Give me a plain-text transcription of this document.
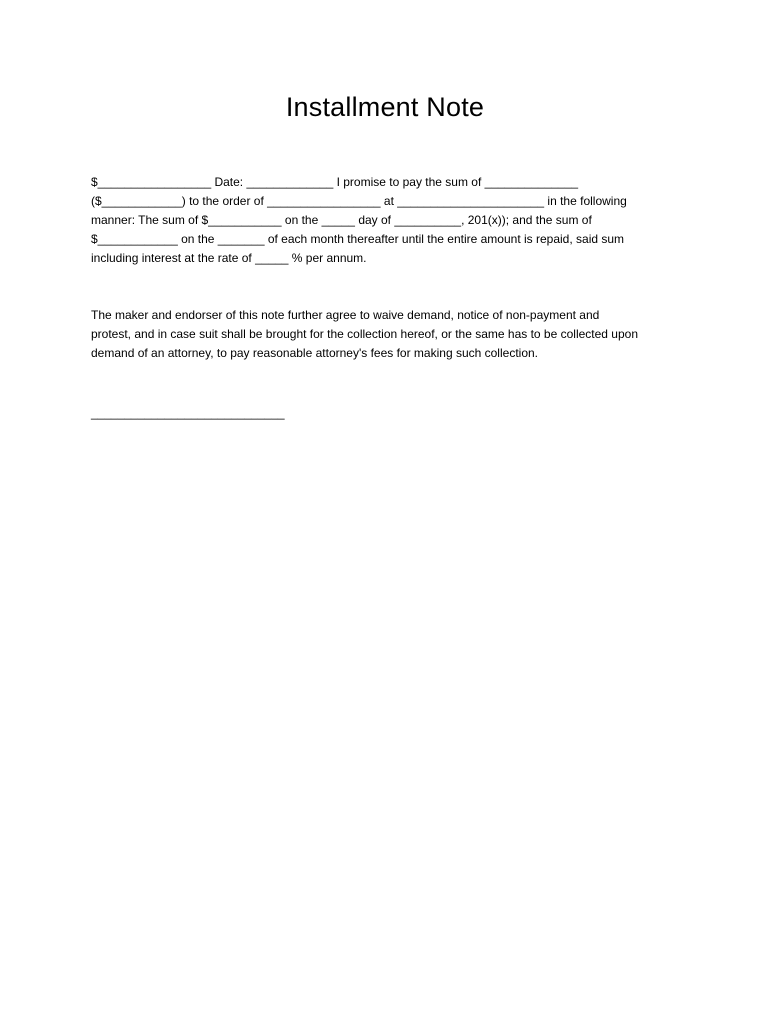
Installment Note
$_________________ Date: _____________ I promise to pay the sum of ______________
($____________) to the order of _________________ at ______________________ in the following
manner: The sum of $___________ on the _____ day of __________, 201(x)); and the sum of
$____________ on the _______ of each month thereafter until the entire amount is repaid, said sum
including interest at the rate of _____ % per annum.
The maker and endorser of this note further agree to waive demand, notice of non-payment and
protest, and in case suit shall be brought for the collection hereof, or the same has to be collected upon
demand of an attorney, to pay reasonable attorney's fees for making such collection.
_____________________________
